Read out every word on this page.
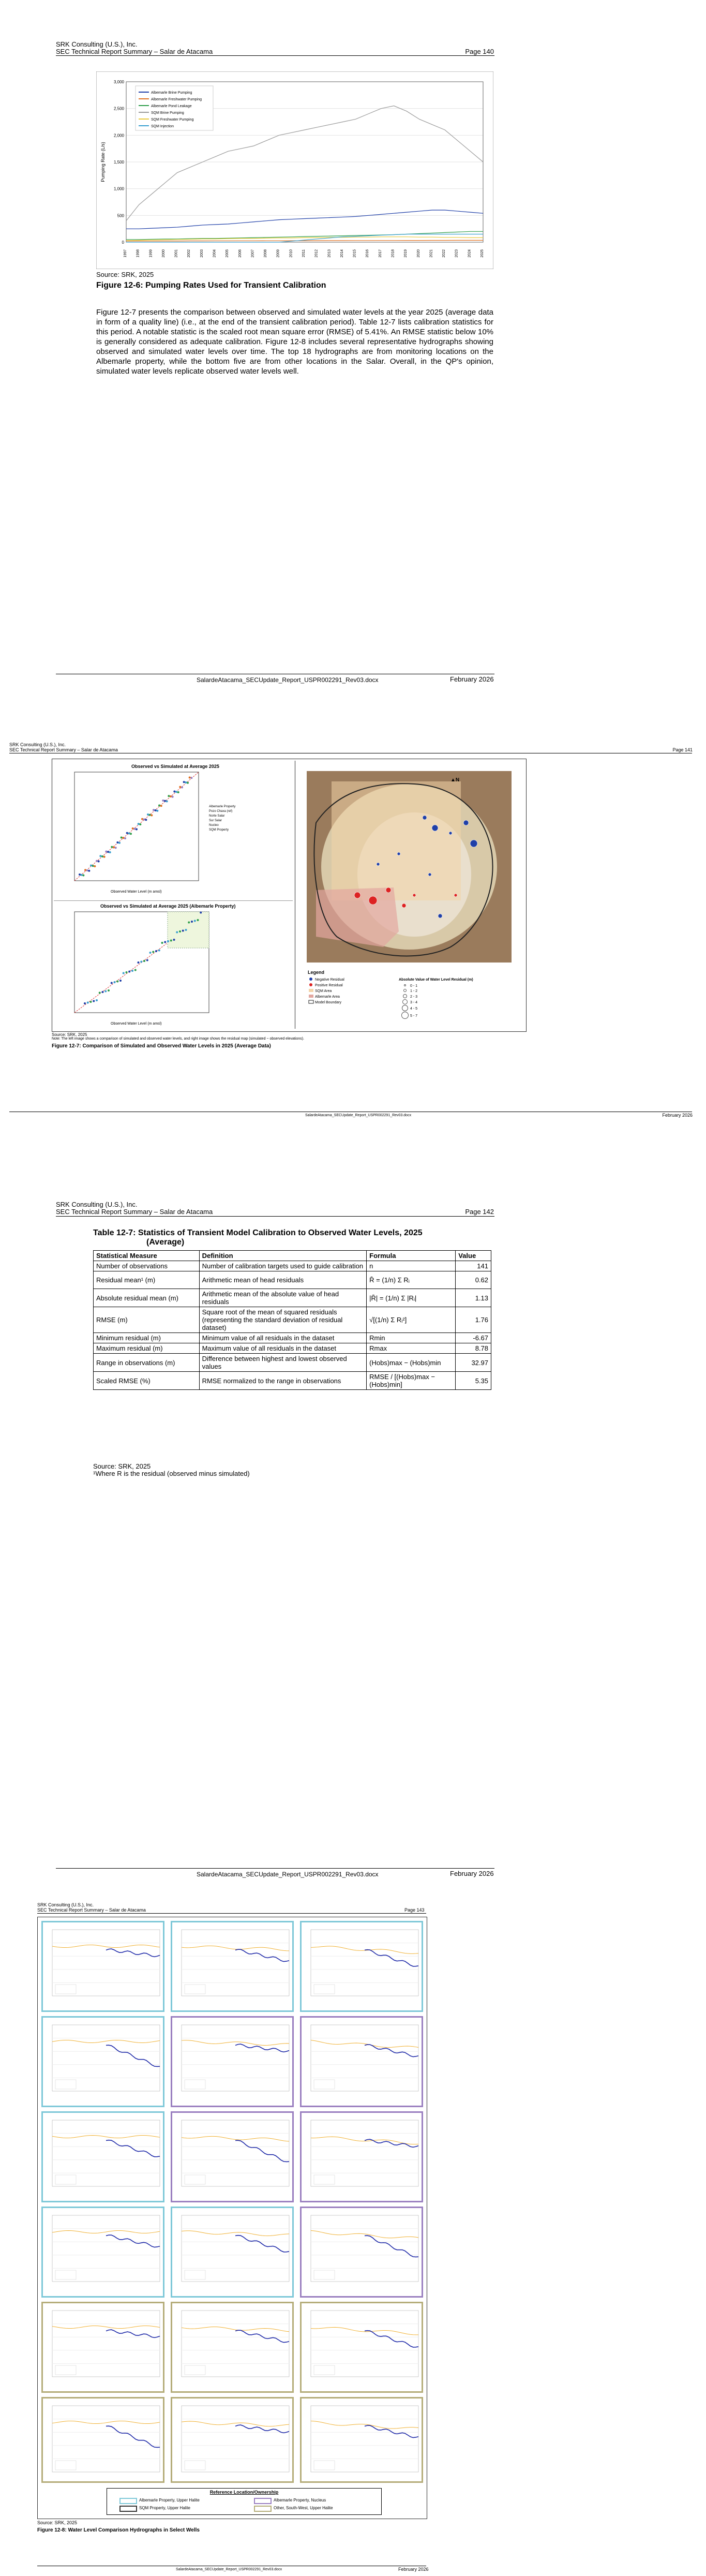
SRK Consulting (U.S.), Inc.
SEC Technical Report Summary – Salar de Atacama	Page 140
0
500
1,000
1,500
2,000
2,500
3,000
1997	1998	1999	2000	2001	2002	2003	2004	2005	2006	2007	2008	2009	2010	2011	2012	2013	2014	2015	2016	2017	2018	2019	2020	2021	2022	2023	2024	2025
Pumping Rate (L/s)
Albemarle Brine Pumping
Albemarle Freshwater Pumping
Albemarle Pond Leakage
SQM Brine Pumping
SQM Freshwater Pumping
SQM Injection
Source: SRK, 2025
Figure 12-6: Pumping Rates Used for Transient Calibration
Figure 12-7 presents the comparison between observed and simulated water levels at the year 2025 (average data in form of a quality line) (i.e., at the end of the transient calibration period). Table 12-7 lists calibration statistics for this period. A notable statistic is the scaled root mean square error (RMSE) of 5.41%. An RMSE statistic below 10% is generally considered as adequate calibration. Figure 12-8 includes several representative hydrographs showing observed and simulated water levels over time. The top 18 hydrographs are from monitoring locations on the Albemarle property, while the bottom five are from other locations in the Salar. Overall, in the QP's opinion, simulated water levels replicate observed water levels well.
SalardeAtacama_SECUpdate_Report_USPR002291_Rev03.docx	February 2026
SRK Consulting (U.S.), Inc.
SEC Technical Report Summary – Salar de Atacama	Page 141
Observed vs Simulated at Average 2025
Albemarle Property
Pozo Chaxa (ref)
Norte Salar
Sur Salar
Nucleo
SQM Property
Observed Water Level (m amsl)
Observed vs Simulated at Average 2025 (Albemarle Property)
Observed Water Level (m amsl)
▲N
Legend
Negative Residual
Positive Residual
SQM Area
Albemarle Area
Model Boundary
Absolute Value of Water Level Residual (m)
0 - 1
1 - 2
2 - 3
3 - 4
4 - 5
5 - 7
Source: SRK, 2025
Note: The left image shows a comparison of simulated and observed water levels, and right image shows the residual map (simulated − observed elevations).
Figure 12-7: Comparison of Simulated and Observed Water Levels in 2025 (Average Data)
SalardeAtacama_SECUpdate_Report_USPR002291_Rev03.docx	February 2026
SRK Consulting (U.S.), Inc.
SEC Technical Report Summary – Salar de Atacama	Page 142
Table 12-7: Statistics of Transient Model Calibration to Observed Water Levels, 2025
(Average)
Statistical Measure	Definition	Formula	Value
Number of observations	Number of calibration targets used to guide calibration	n	141
Residual mean¹ (m)	Arithmetic mean of head residuals	R̄ = (1/n) Σ Rᵢ	0.62
Absolute residual mean (m)	Arithmetic mean of the absolute value of head residuals	|R̄| = (1/n) Σ |Rᵢ|	1.13
RMSE (m)	Square root of the mean of squared residuals (representing the standard deviation of residual dataset)	√[(1/n) Σ Rᵢ²]	1.76
Minimum residual (m)	Minimum value of all residuals in the dataset	Rmin	-6.67
Maximum residual (m)	Maximum value of all residuals in the dataset	Rmax	8.78
Range in observations (m)	Difference between highest and lowest observed values	(Hobs)max − (Hobs)min	32.97
Scaled RMSE (%)	RMSE normalized to the range in observations	RMSE / [(Hobs)max − (Hobs)min]	5.35
Source: SRK, 2025
¹Where R is the residual (observed minus simulated)
SalardeAtacama_SECUpdate_Report_USPR002291_Rev03.docx	February 2026
SRK Consulting (U.S.), Inc.
SEC Technical Report Summary – Salar de Atacama	Page 143
Reference Location/Ownership
Albemarle Property, Upper Halite	Albemarle Property, Nucleus
SQM Property, Upper Halite	Other, South-West, Upper Halite
Source: SRK, 2025
Figure 12-8: Water Level Comparison Hydrographs in Select Wells
SalardeAtacama_SECUpdate_Report_USPR002291_Rev03.docx	February 2026
